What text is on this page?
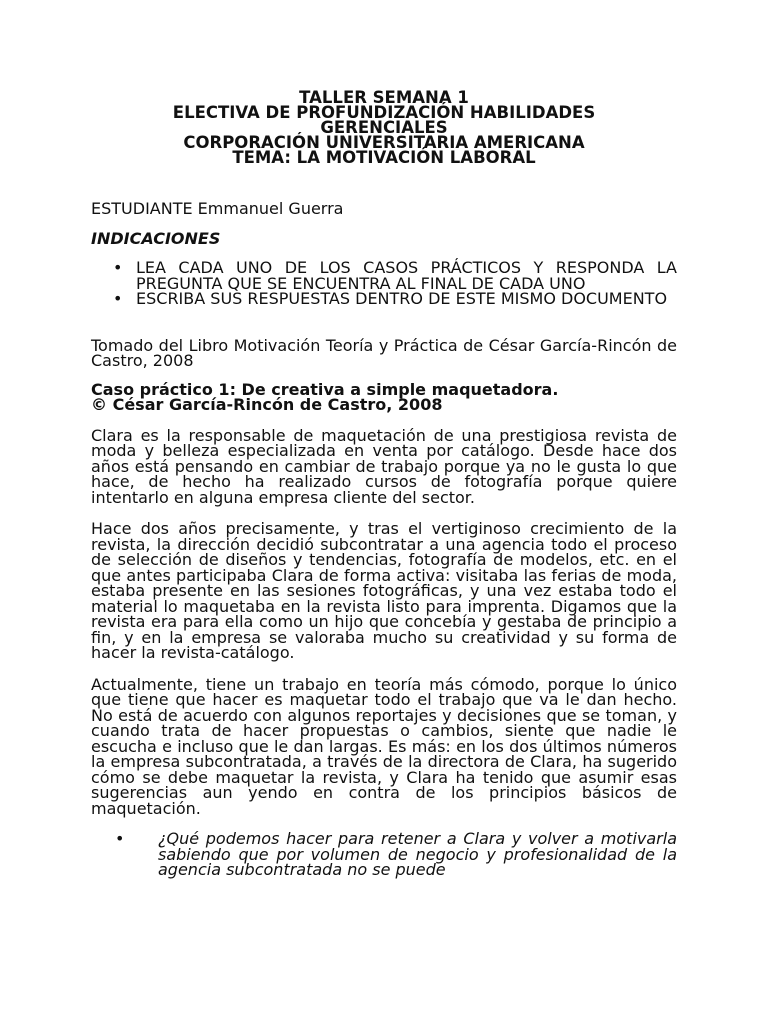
TALLER SEMANA 1
ELECTIVA DE PROFUNDIZACIÓN HABILIDADES
GERENCIALES
CORPORACIÓN UNIVERSITARIA AMERICANA
TEMA: LA MOTIVACIÓN LABORAL
ESTUDIANTE Emmanuel Guerra
INDICACIONES
• LEA CADA UNO DE LOS CASOS PRÁCTICOS Y RESPONDA LA PREGUNTA QUE SE ENCUENTRA AL FINAL DE CADA UNO
• ESCRIBA SUS RESPUESTAS DENTRO DE ESTE MISMO DOCUMENTO
Tomado del Libro Motivación Teoría y Práctica de César García-Rincón de Castro, 2008
Caso práctico 1: De creativa a simple maquetadora.
© César García-Rincón de Castro, 2008
Clara es la responsable de maquetación de una prestigiosa revista de moda y belleza especializada en venta por catálogo. Desde hace dos años está pensando en cambiar de trabajo porque ya no le gusta lo que hace, de hecho ha realizado cursos de fotografía porque quiere intentarlo en alguna empresa cliente del sector.
Hace dos años precisamente, y tras el vertiginoso crecimiento de la revista, la dirección decidió subcontratar a una agencia todo el proceso de selección de diseños y tendencias, fotografía de modelos, etc. en el que antes participaba Clara de forma activa: visitaba las ferias de moda, estaba presente en las sesiones fotográficas, y una vez estaba todo el material lo maquetaba en la revista listo para imprenta. Digamos que la revista era para ella como un hijo que concebía y gestaba de principio a fin, y en la empresa se valoraba mucho su creatividad y su forma de hacer la revista-catálogo.
Actualmente, tiene un trabajo en teoría más cómodo, porque lo único que tiene que hacer es maquetar todo el trabajo que va le dan hecho. No está de acuerdo con algunos reportajes y decisiones que se toman, y cuando trata de hacer propuestas o cambios, siente que nadie le escucha e incluso que le dan largas. Es más: en los dos últimos números la empresa subcontratada, a través de la directora de Clara, ha sugerido cómo se debe maquetar la revista, y Clara ha tenido que asumir esas sugerencias aun yendo en contra de los principios básicos de maquetación.
• ¿Qué podemos hacer para retener a Clara y volver a motivarla sabiendo que por volumen de negocio y profesionalidad de la agencia subcontratada no se puede
